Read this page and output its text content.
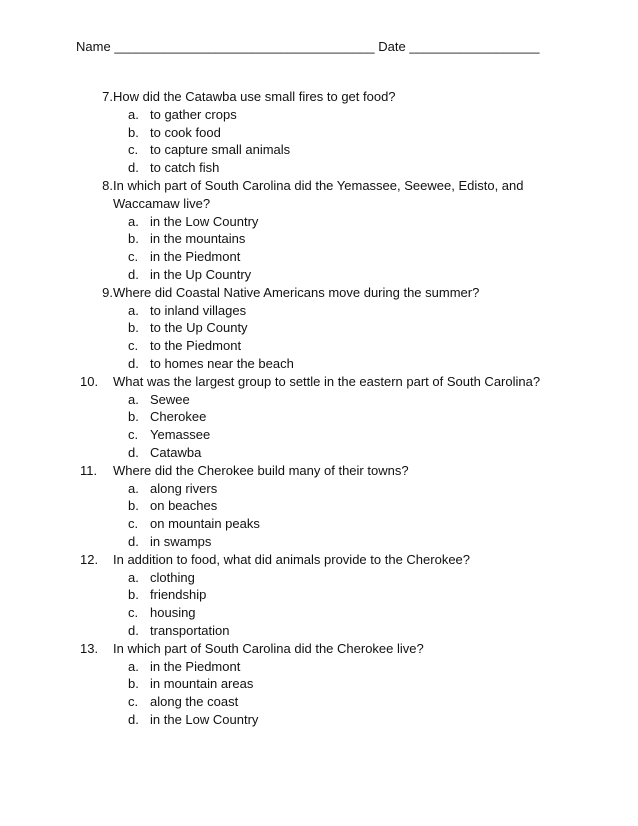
Name ____________________________________ Date __________________
7. How did the Catawba use small fires to get food?
a. to gather crops
b. to cook food
c. to capture small animals
d. to catch fish
8. In which part of South Carolina did the Yemassee, Seewee, Edisto, and
Waccamaw live?
a. in the Low Country
b. in the mountains
c. in the Piedmont
d. in the Up Country
9. Where did Coastal Native Americans move during the summer?
a. to inland villages
b. to the Up County
c. to the Piedmont
d. to homes near the beach
10.	What was the largest group to settle in the eastern part of South Carolina?
a. Sewee
b. Cherokee
c. Yemassee
d. Catawba
11.	Where did the Cherokee build many of their towns?
a. along rivers
b. on beaches
c. on mountain peaks
d. in swamps
12.	In addition to food, what did animals provide to the Cherokee?
a. clothing
b. friendship
c. housing
d. transportation
13.	In which part of South Carolina did the Cherokee live?
a. in the Piedmont
b. in mountain areas
c. along the coast
d. in the Low Country
